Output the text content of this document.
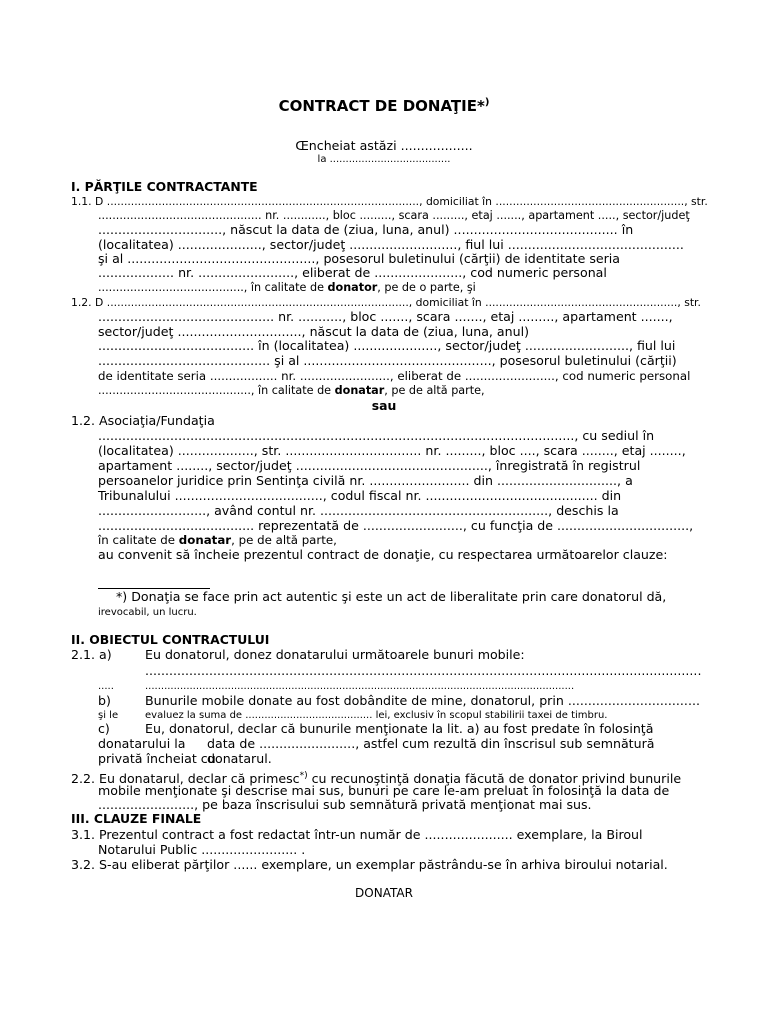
CONTRACT DE DONAŢIE*)
Œncheiat astăzi ..................
la ......................................
I. PĂRŢILE CONTRACTANTE
1.1. D ..........................................................................................., domiciliat în ......................................................., str.
.............................................. nr. ............, bloc ........., scara ........., etaj ......., apartament ....., sector/judeţ
..............................., născut la data de (ziua, luna, anul) ......................................... în
(localitatea) ....................., sector/judeţ ..........................., fiul lui ............................................
şi al ..............................................., posesorul buletinului (cărţii) de identitate seria
................... nr. ........................, eliberat de ......................, cod numeric personal
........................................., în calitate de donator, pe de o parte, şi
1.2. D ........................................................................................, domiciliat în ........................................................, str.
............................................ nr. ..........., bloc ......., scara ......., etaj ........., apartament .......,
sector/judeţ ..............................., născut la data de (ziua, luna, anul)
....................................... în (localitatea) ....................., sector/judeţ .........................., fiul lui
........................................... şi al ..............................................., posesorul buletinului (cărţii)
de identitate seria .................. nr. ........................, eliberat de ........................, cod numeric personal
..........................................., în calitate de donatar, pe de altă parte,
sau
1.2. Asociaţia/Fundaţia
......................................................................................................................., cu sediul în
(localitatea) ..................., str. .................................. nr. ........., bloc ...., scara ........, etaj ........,
apartament ........, sector/judeţ ................................................, înregistrată în registrul
persoanelor juridice prin Sentinţa civilă nr. ......................... din .............................., a
Tribunalului ....................................., codul fiscal nr. ........................................... din
..........................., având contul nr. ........................................................., deschis la
....................................... reprezentată de ........................., cu funcţia de .................................,
în calitate de donatar, pe de altă parte,
au convenit să încheie prezentul contract de donaţie, cu respectarea următoarelor clauze:
*) Donaţia se face prin act autentic şi este un act de liberalitate prin care donatorul dă,
irevocabil, un lucru.
II. OBIECTUL CONTRACTULUI
2.1. a)	Eu donatorul, donez donatarului următoarele bunuri mobile:
...........................................................................................................................................
.....	.......................................................................................................................................
b)	Bunurile mobile donate au fost dobândite de mine, donatorul, prin .................................
şi le	evaluez la suma de ........................................ lei, exclusiv în scopul stabilirii taxei de timbru.
c)	Eu, donatorul, declar că bunurile menţionate la lit. a) au fost predate în folosinţă
donatarului la data de ........................, astfel cum rezultă din înscrisul sub semnătură
privată încheiat cu
donatarul.
2.2. Eu donatarul, declar că primesc*) cu recunoştinţă donaţia făcută de donator privind bunurile
mobile menţionate şi descrise mai sus, bunuri pe care le-am preluat în folosinţă la data de
........................, pe baza înscrisului sub semnătură privată menţionat mai sus.
III. CLAUZE FINALE
3.1. Prezentul contract a fost redactat într-un număr de ...................... exemplare, la Biroul
Notarului Public ........................ .
3.2. S-au eliberat părţilor ...... exemplare, un exemplar păstrându-se în arhiva biroului notarial.
DONATAR
